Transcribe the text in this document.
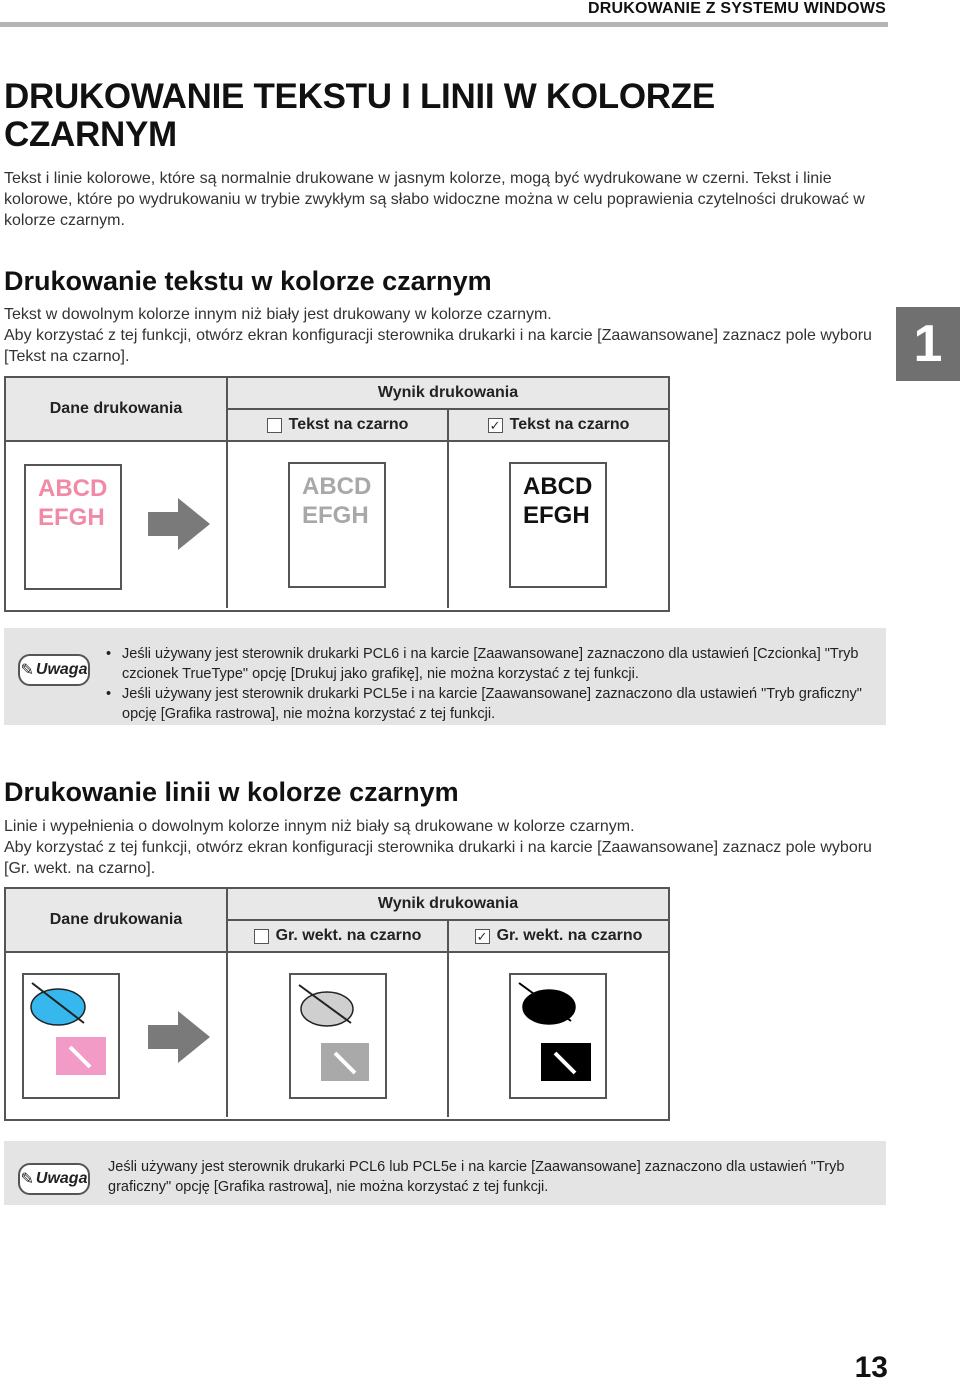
DRUKOWANIE Z SYSTEMU WINDOWS
1
DRUKOWANIE TEKSTU I LINII W KOLORZE CZARNYM

Tekst i linie kolorowe, które są normalnie drukowane w jasnym kolorze, mogą być wydrukowane w czerni. Tekst i linie kolorowe, które po wydrukowaniu w trybie zwykłym są słabo widoczne można w celu poprawienia czytelności drukować w kolorze czarnym.

Drukowanie tekstu w kolorze czarnym

Tekst w dowolnym kolorze innym niż biały jest drukowany w kolorze czarnym.

Aby korzystać z tej funkcji, otwórz ekran konfiguracji sterownika drukarki i na karcie [Zaawansowane] zaznacz pole wyboru [Tekst na czarno].

Dane drukowania
Wynik drukowania
Tekst na czarno	✓ Tekst na czarno
ABCD
EFGH
ABCD
EFGH
ABCD
EFGH
✎ Uwaga
• Jeśli używany jest sterownik drukarki PCL6 i na karcie [Zaawansowane] zaznaczono dla ustawień [Czcionka] "Tryb czcionek TrueType" opcję [Drukuj jako grafikę], nie można korzystać z tej funkcji.
• Jeśli używany jest sterownik drukarki PCL5e i na karcie [Zaawansowane] zaznaczono dla ustawień "Tryb graficzny" opcję [Grafika rastrowa], nie można korzystać z tej funkcji.
Drukowanie linii w kolorze czarnym

Linie i wypełnienia o dowolnym kolorze innym niż biały są drukowane w kolorze czarnym.

Aby korzystać z tej funkcji, otwórz ekran konfiguracji sterownika drukarki i na karcie [Zaawansowane] zaznacz pole wyboru [Gr. wekt. na czarno].

Dane drukowania
Wynik drukowania
Gr. wekt. na czarno	✓ Gr. wekt. na czarno
✎ Uwaga

Jeśli używany jest sterownik drukarki PCL6 lub PCL5e i na karcie [Zaawansowane] zaznaczono dla ustawień "Tryb graficzny" opcję [Grafika rastrowa], nie można korzystać z tej funkcji.

13
